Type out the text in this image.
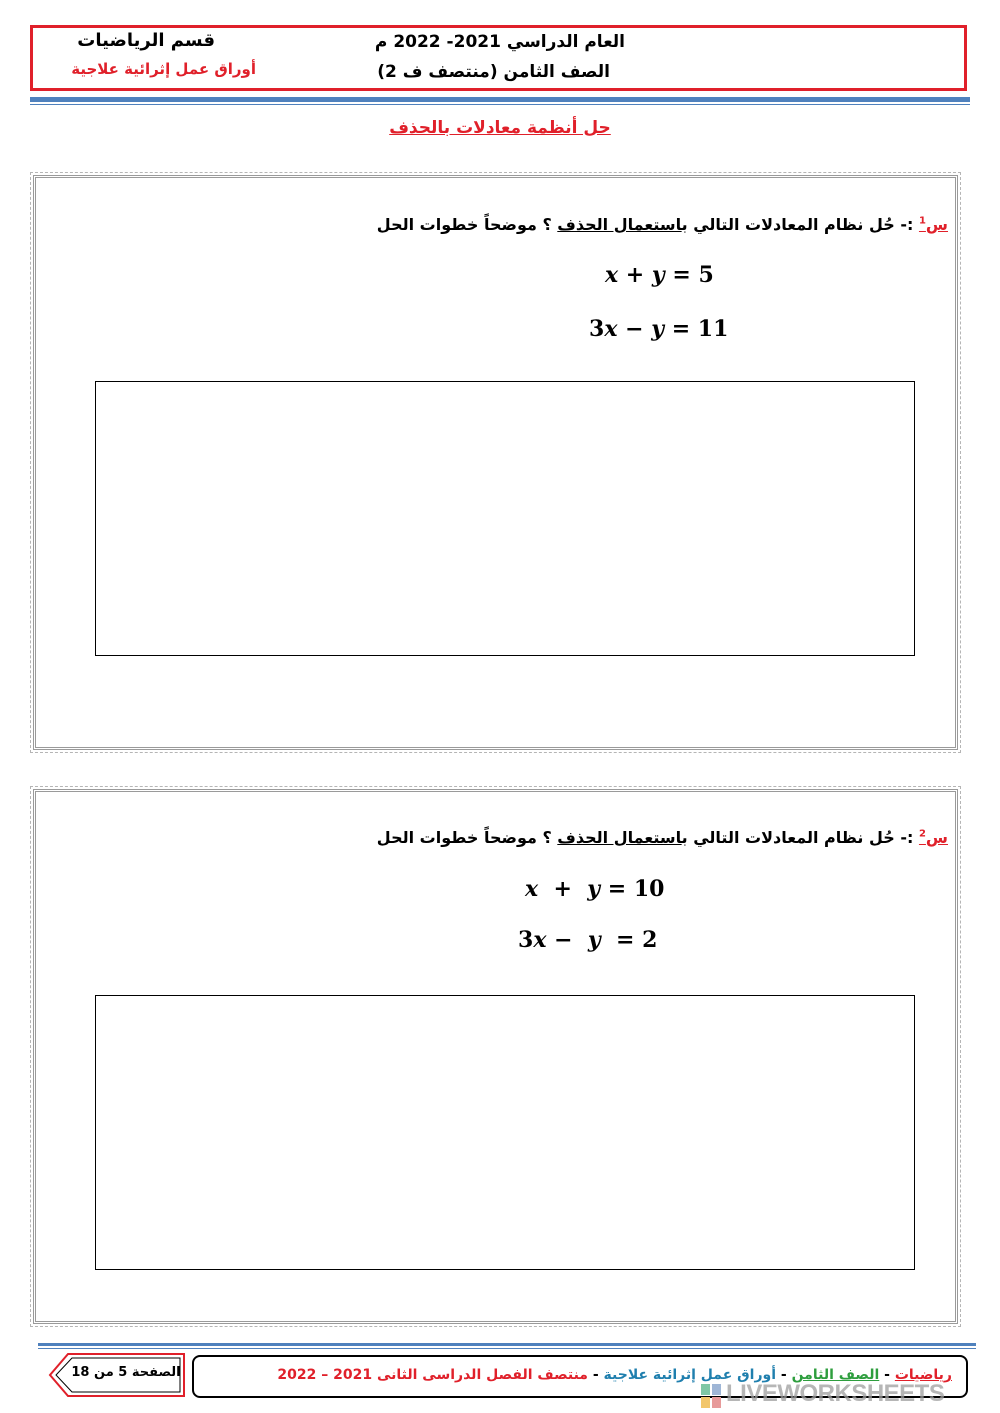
قسم الرياضيات
أوراق عمل إثرائية علاجية
العام الدراسي 2021- 2022 م
الصف الثامن (منتصف ف 2)
حل أنظمة معادلات بالحذف
س$^1$ :- حُل نظام المعادلات التالي باستعمال الحذف ؟ موضحاً خطوات الحل
x + y = 5
3x − y = 11
س$^2$ :- حُل نظام المعادلات التالي باستعمال الحذف ؟ موضحاً خطوات الحل
x + y = 10
3x − y = 2
رياضيات - الصف الثامن - أوراق عمل إثرائية علاجية - منتصف الفصل الدراسى الثانى 2021 – 2022
الصفحة 5 من 18
LIVEWORKSHEETS
